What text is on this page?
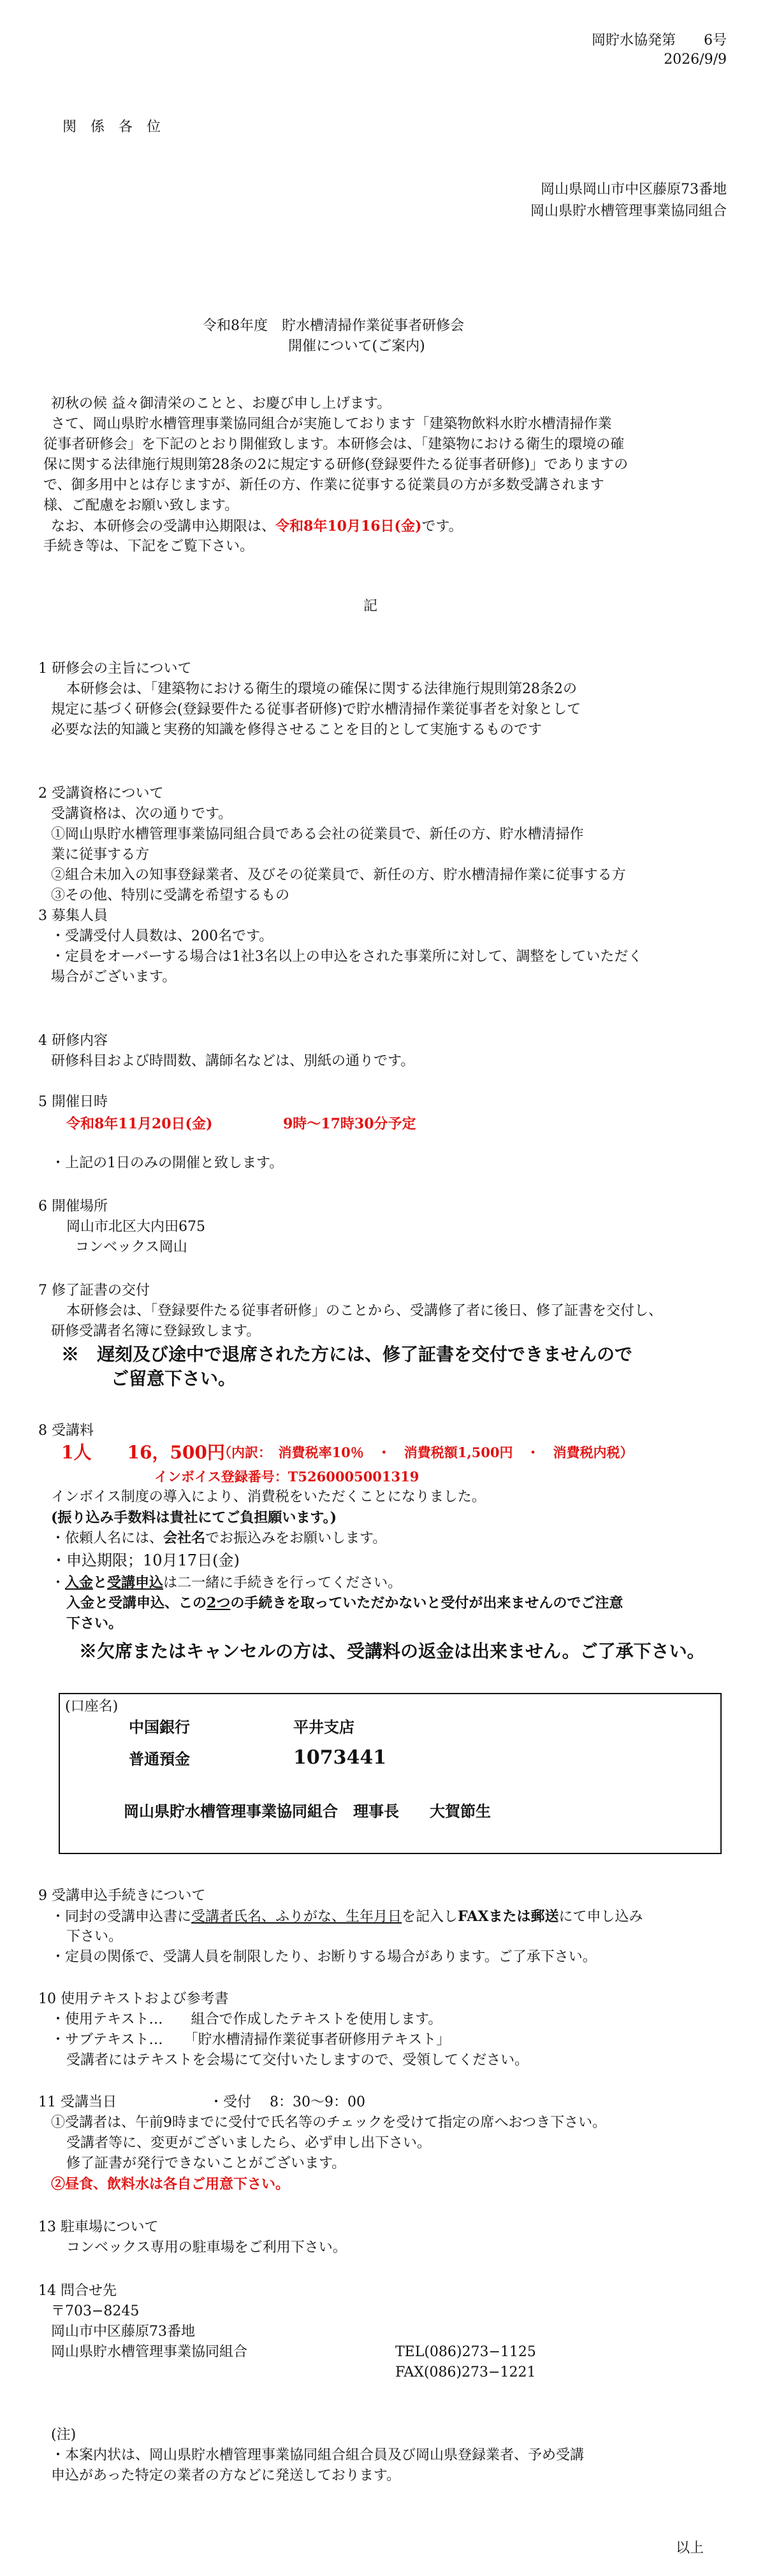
岡貯水協発第　　6号
2026/9/9
関　係　各　位
岡山県岡山市中区藤原73番地
岡山県貯水槽管理事業協同組合
令和8年度　貯水槽清掃作業従事者研修会
開催について(ご案内)
初秋の候 益々御清栄のことと、お慶び申し上げます。
さて、岡山県貯水槽管理事業協同組合が実施しております「建築物飲料水貯水槽清掃作業
従事者研修会」を下記のとおり開催致します。本研修会は、「建築物における衛生的環境の確
保に関する法律施行規則第28条の2に規定する研修(登録要件たる従事者研修)」でありますの
で、御多用中とは存じますが、新任の方、作業に従事する従業員の方が多数受講されます
様、ご配慮をお願い致します。
なお、本研修会の受講申込期限は、令和8年10月16日(金)です。
手続き等は、下記をご覧下さい。
記
1 研修会の主旨について
本研修会は、「建築物における衛生的環境の確保に関する法律施行規則第28条2の
規定に基づく研修会(登録要件たる従事者研修)で貯水槽清掃作業従事者を対象として
必要な法的知識と実務的知識を修得させることを目的として実施するものです
2 受講資格について
受講資格は、次の通りです。
①岡山県貯水槽管理事業協同組合員である会社の従業員で、新任の方、貯水槽清掃作
業に従事する方
②組合未加入の知事登録業者、及びその従業員で、新任の方、貯水槽清掃作業に従事する方
③その他、特別に受講を希望するもの
3 募集人員
・受講受付人員数は、200名です。
・定員をオーバーする場合は1社3名以上の申込をされた事業所に対して、調整をしていただく
場合がございます。
4 研修内容
研修科目および時間数、講師名などは、別紙の通りです。
5 開催日時
令和8年11月20日(金)	9時～17時30分予定
・上記の1日のみの開催と致します。
6 開催場所
岡山市北区大内田675
コンベックス岡山
7 修了証書の交付
本研修会は、「登録要件たる従事者研修」のことから、受講修了者に後日、修了証書を交付し、
研修受講者名簿に登録致します。
※　遅刻及び途中で退席された方には、修了証書を交付できませんので
ご留意下さい。
8 受講料
1人　　16，500円
（内訳：　消費税率10％　・　消費税額1,500円　・　消費税内税）
インボイス登録番号：T5260005001319
インボイス制度の導入により、消費税をいただくことになりました。
(振り込み手数料は貴社にてご負担願います。)
・依頼人名には、会社名でお振込みをお願いします。
・申込期限；10月17日(金)
・入金と受講申込は二一緒に手続きを行ってください。
入金と受講申込、この2つの手続きを取っていただかないと受付が出来ませんのでご注意
下さい。
※欠席またはキャンセルの方は、受講料の返金は出来ません。ご了承下さい。
(口座名)
中国銀行	平井支店
普通預金	1073441
岡山県貯水槽管理事業協同組合　理事長　　大賀節生
9 受講申込手続きについて
・同封の受講申込書に受講者氏名、ふりがな、生年月日を記入しFAXまたは郵送にて申し込み
下さい。
・定員の関係で、受講人員を制限したり、お断りする場合があります。ご了承下さい。
10 使用テキストおよび参考書
・使用テキスト…　　組合で作成したテキストを使用します。
・サブテキスト…　　「貯水槽清掃作業従事者研修用テキスト」
受講者にはテキストを会場にて交付いたしますので、受領してください。
11 受講当日	・受付　 8：30～9：00
①受講者は、午前9時までに受付で氏名等のチェックを受けて指定の席へおつき下さい。
受講者等に、変更がございましたら、必ず申し出下さい。
修了証書が発行できないことがございます。
②昼食、飲料水は各自ご用意下さい。
13 駐車場について
コンベックス専用の駐車場をご利用下さい。
14 問合せ先
〒703−8245
岡山市中区藤原73番地
岡山県貯水槽管理事業協同組合	TEL(086)273−1125
FAX(086)273−1221
(注)
・本案内状は、岡山県貯水槽管理事業協同組合組合員及び岡山県登録業者、予め受講
申込があった特定の業者の方などに発送しております。
以上
